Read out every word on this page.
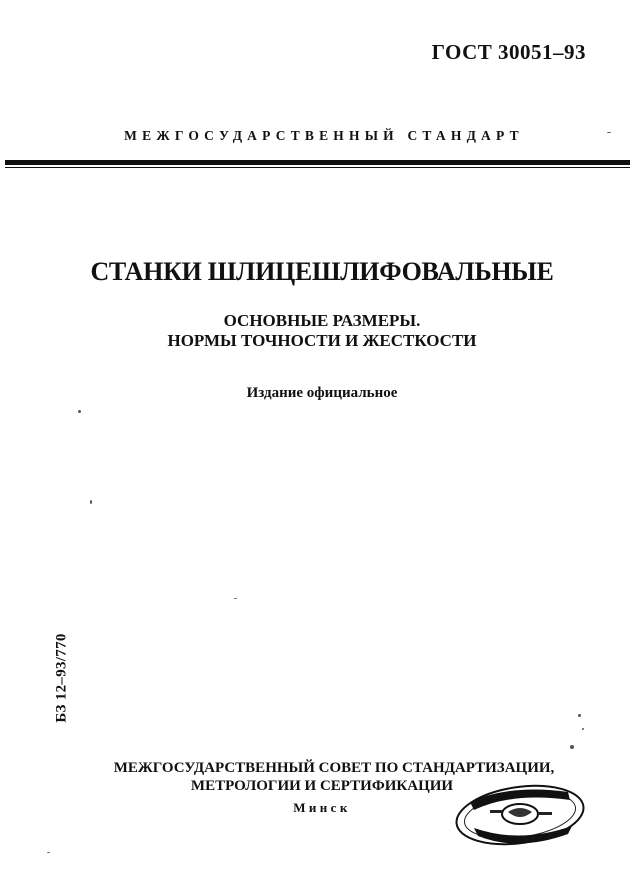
ГОСТ 30051–93
МЕЖГОСУДАРСТВЕННЫЙ СТАНДАРТ
СТАНКИ ШЛИЦЕШЛИФОВАЛЬНЫЕ
ОСНОВНЫЕ РАЗМЕРЫ.
НОРМЫ ТОЧНОСТИ И ЖЕСТКОСТИ
Издание официальное
БЗ 12–93/770
МЕЖГОСУДАРСТВЕННЫЙ СОВЕТ ПО СТАНДАРТИЗАЦИИ,
МЕТРОЛОГИИ И СЕРТИФИКАЦИИ
Минск
